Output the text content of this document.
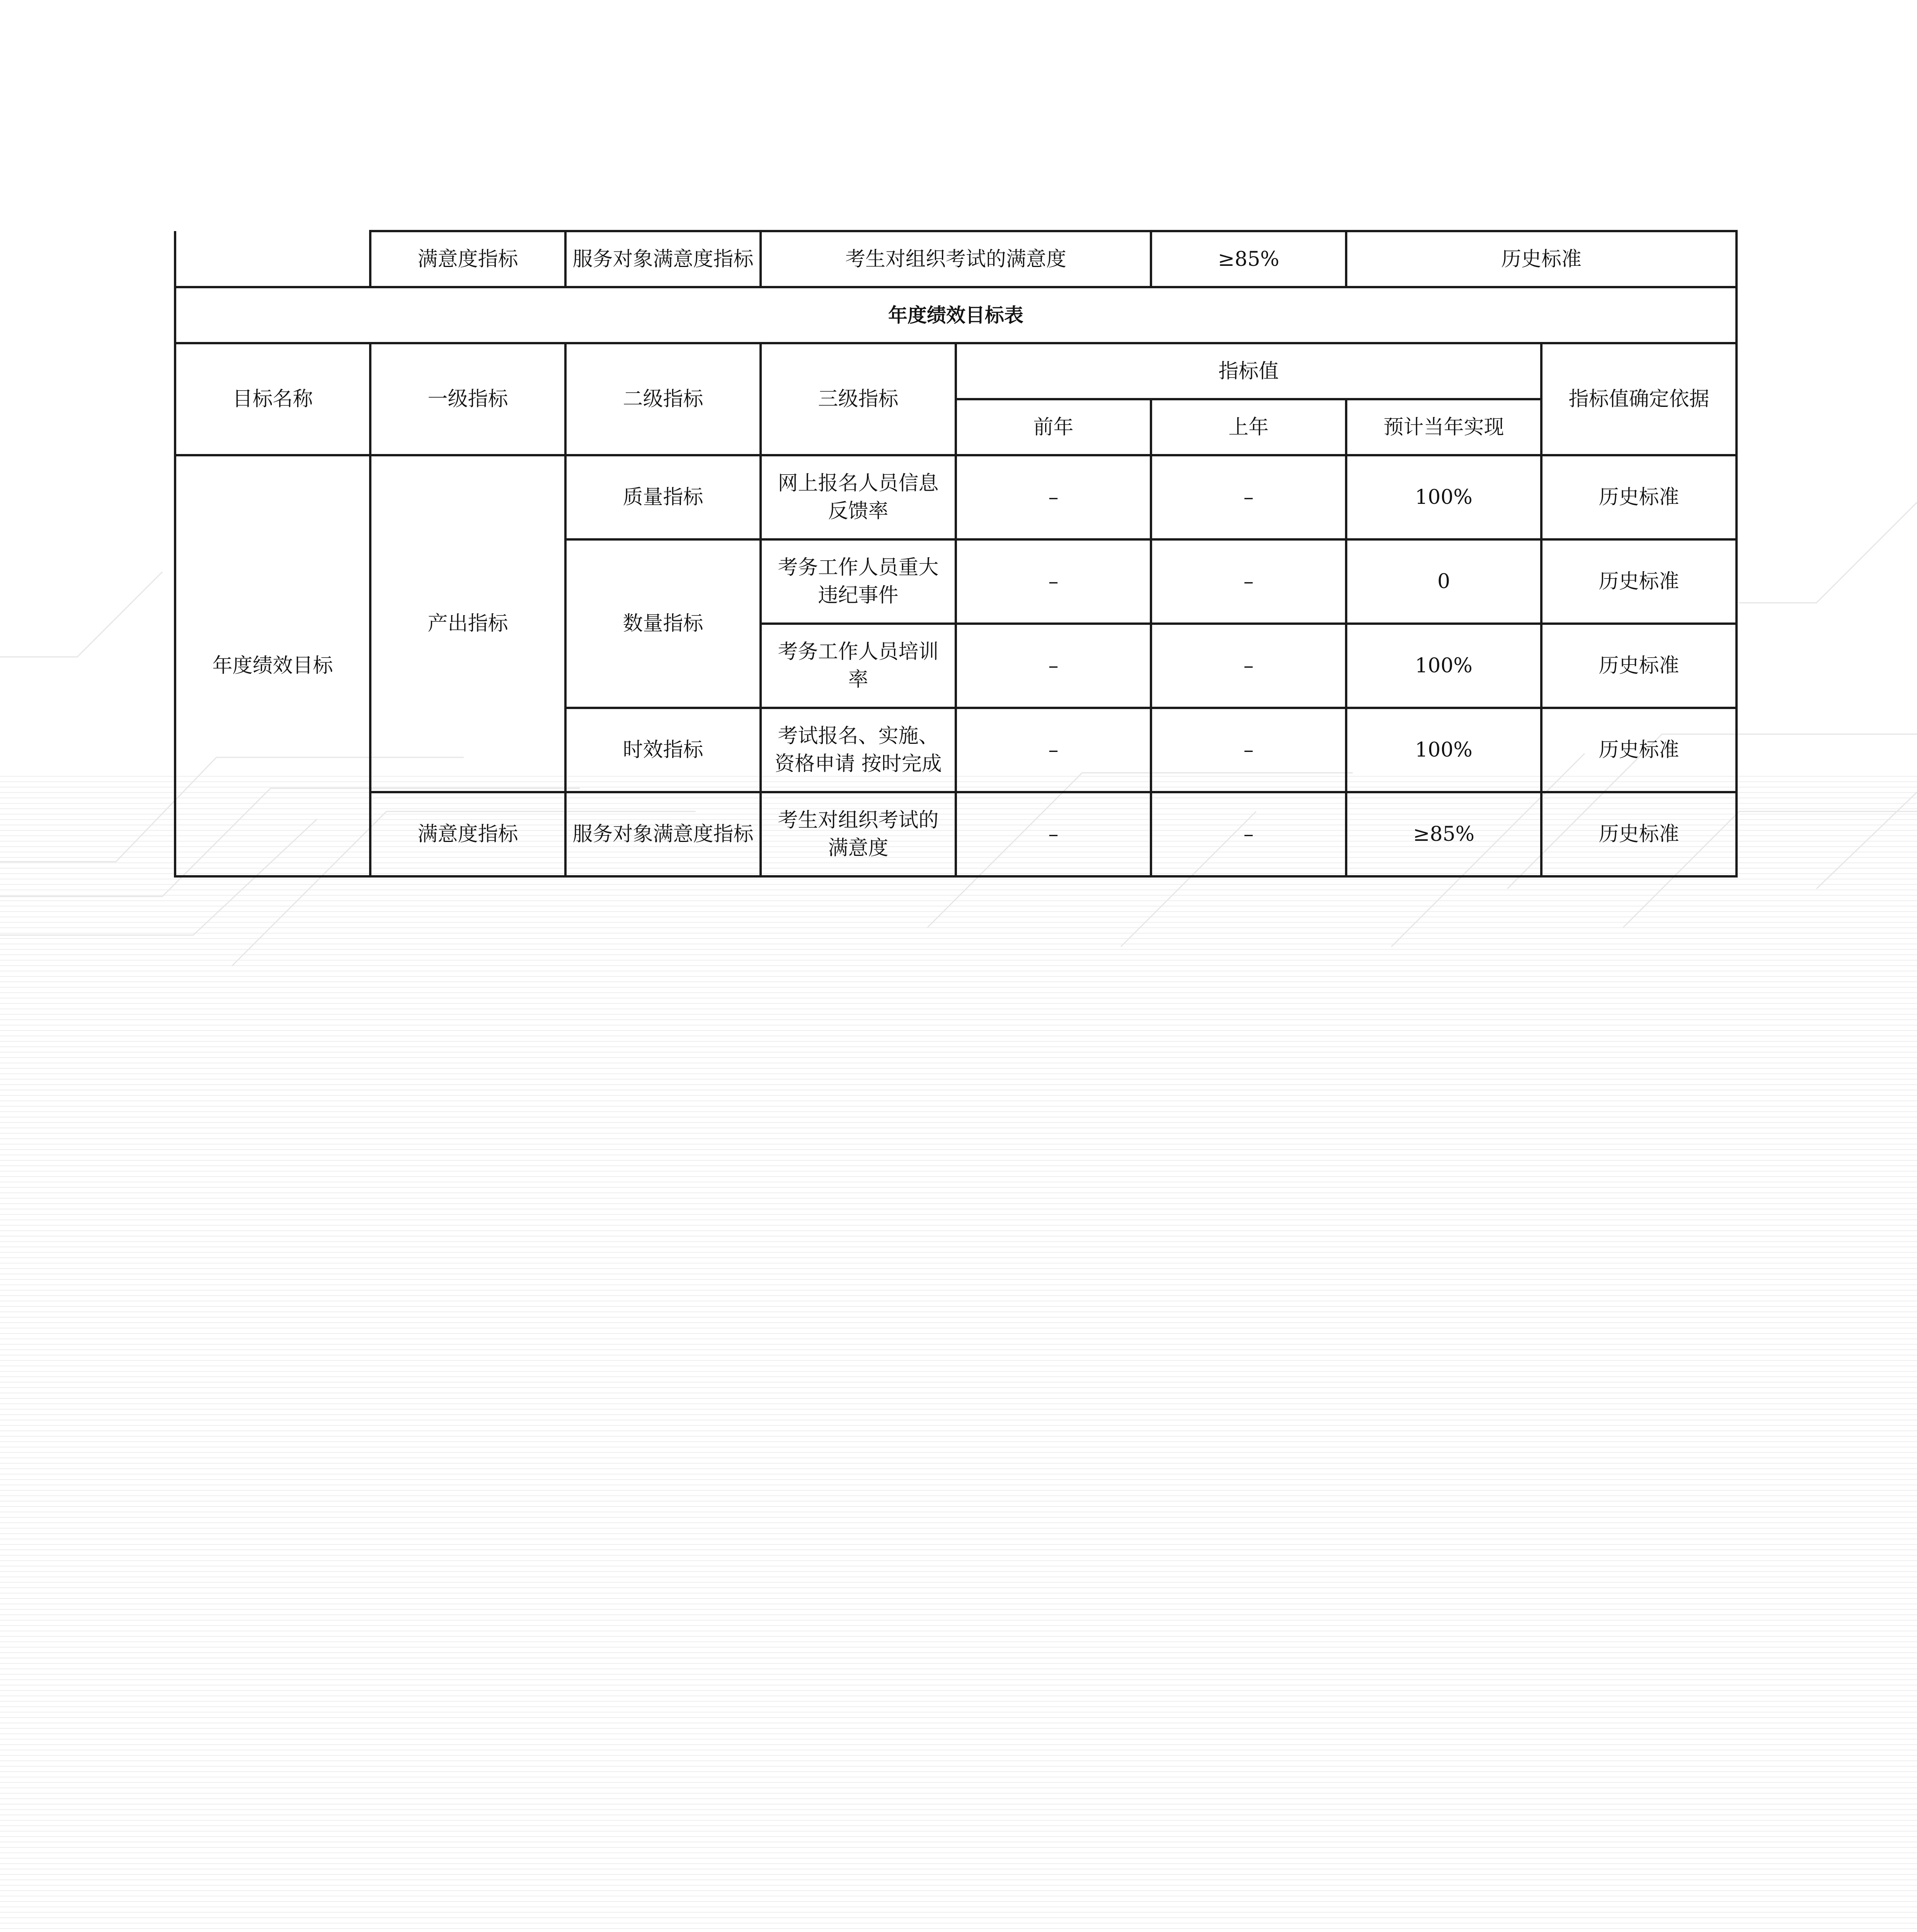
	满意度指标	服务对象满意度指标	考生对组织考试的满意度		≥85%	历史标准	
年度绩效目标表							
目标名称	一级指标	二级指标	三级指标	指标值			指标值确定依据
				前年	上年	预计当年实现	
年度绩效目标	产出指标	质量指标	网上报名人员信息反馈率	–	–	100%	历史标准
		数量指标	考务工作人员重大违纪事件	–	–	0	历史标准
			考务工作人员培训率	–	–	100%	历史标准
		时效指标	考试报名、实施、资格申请 按时完成	–	–	100%	历史标准
	满意度指标	服务对象满意度指标	考生对组织考试的满意度	–	–	≥85%	历史标准
